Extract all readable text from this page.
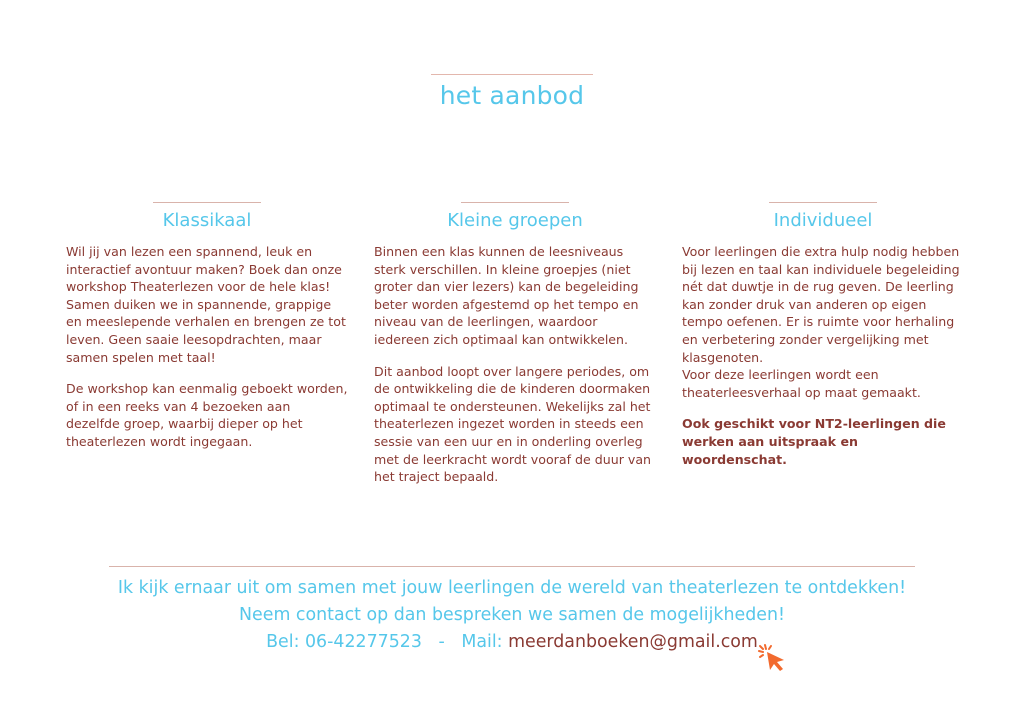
het aanbod
Klassikaal

Wil jij van lezen een spannend, leuk en interactief avontuur maken? Boek dan onze workshop Theaterlezen voor de hele klas! Samen duiken we in spannende, grappige en meeslepende verhalen en brengen ze tot leven. Geen saaie leesopdrachten, maar samen spelen met taal!

De workshop kan eenmalig geboekt worden, of in een reeks van 4 bezoeken aan dezelfde groep, waarbij dieper op het theaterlezen wordt ingegaan.

Kleine groepen

Binnen een klas kunnen de leesniveaus sterk verschillen. In kleine groepjes (niet groter dan vier lezers) kan de begeleiding beter worden afgestemd op het tempo en niveau van de leerlingen, waardoor iedereen zich optimaal kan ontwikkelen.

Dit aanbod loopt over langere periodes, om de ontwikkeling die de kinderen doormaken optimaal te ondersteunen. Wekelijks zal het theaterlezen ingezet worden in steeds een sessie van een uur en in onderling overleg met de leerkracht wordt vooraf de duur van het traject bepaald.

Individueel

Voor leerlingen die extra hulp nodig hebben bij lezen en taal kan individuele begeleiding nét dat duwtje in de rug geven. De leerling kan zonder druk van anderen op eigen tempo oefenen. Er is ruimte voor herhaling en verbetering zonder vergelijking met klasgenoten.

Voor deze leerlingen wordt een theaterleesverhaal op maat gemaakt.

Ook geschikt voor NT2-leerlingen die werken aan uitspraak en woordenschat.

Ik kijk ernaar uit om samen met jouw leerlingen de wereld van theaterlezen te ontdekken!
Neem contact op dan bespreken we samen de mogelijkheden!
Bel: 06-42277523   -   Mail: meerdanboeken@gmail.com
